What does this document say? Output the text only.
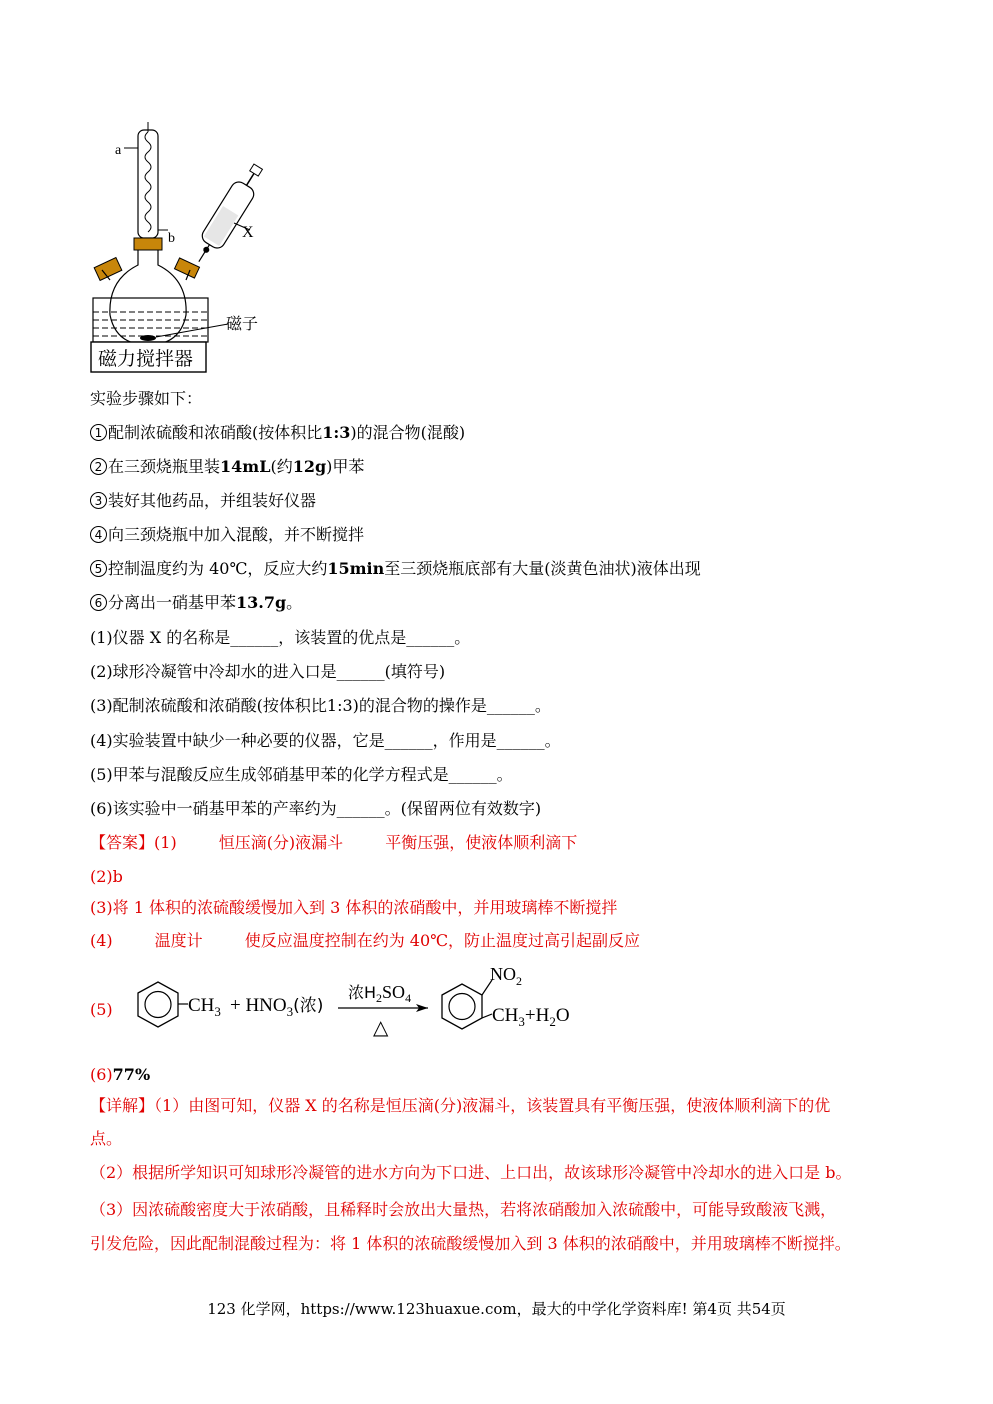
a
b	X
磁子
磁力搅拌器
实验步骤如下：
1 配制浓硫酸和浓硝酸(按体积比1:3)的混合物(混酸)
2 在三颈烧瓶里装14mL(约12g)甲苯
3 装好其他药品，并组装好仪器
4 向三颈烧瓶中加入混酸，并不断搅拌
5 控制温度约为 40℃，反应大约15min至三颈烧瓶底部有大量(淡黄色油状)液体出现
6 分离出一硝基甲苯13.7g。
(1)仪器 X 的名称是______，该装置的优点是______。
(2)球形冷凝管中冷却水的进入口是______(填符号)
(3)配制浓硫酸和浓硝酸(按体积比1:3)的混合物的操作是______。
(4)实验装置中缺少一种必要的仪器，它是______，作用是______。
(5)甲苯与混酸反应生成邻硝基甲苯的化学方程式是______。
(6)该实验中一硝基甲苯的产率约为______。(保留两位有效数字)
【答案】(1)	恒压滴(分)液漏斗	平衡压强，使液体顺利滴下
(2)b
(3)将 1 体积的浓硫酸缓慢加入到 3 体积的浓硝酸中，并用玻璃棒不断搅拌
(4)	温度计	使反应温度控制在约为 40℃，防止温度过高引起副反应
(5)	$CH_3 + HNO_3$(浓)
浓$H_2SO_4$
△
$NO_2$
$CH_3+H_2O$
(6)77%
【详解】（1）由图可知，仪器 X 的名称是恒压滴(分)液漏斗，该装置具有平衡压强，使液体顺利滴下的优
点。
（2）根据所学知识可知球形冷凝管的进水方向为下口进、上口出，故该球形冷凝管中冷却水的进入口是 b。
（3）因浓硫酸密度大于浓硝酸，且稀释时会放出大量热，若将浓硝酸加入浓硫酸中，可能导致酸液飞溅，
引发危险，因此配制混酸过程为：将 1 体积的浓硫酸缓慢加入到 3 体积的浓硝酸中，并用玻璃棒不断搅拌。
123 化学网，https://www.123huaxue.com，最大的中学化学资料库! 第4页 共54页
